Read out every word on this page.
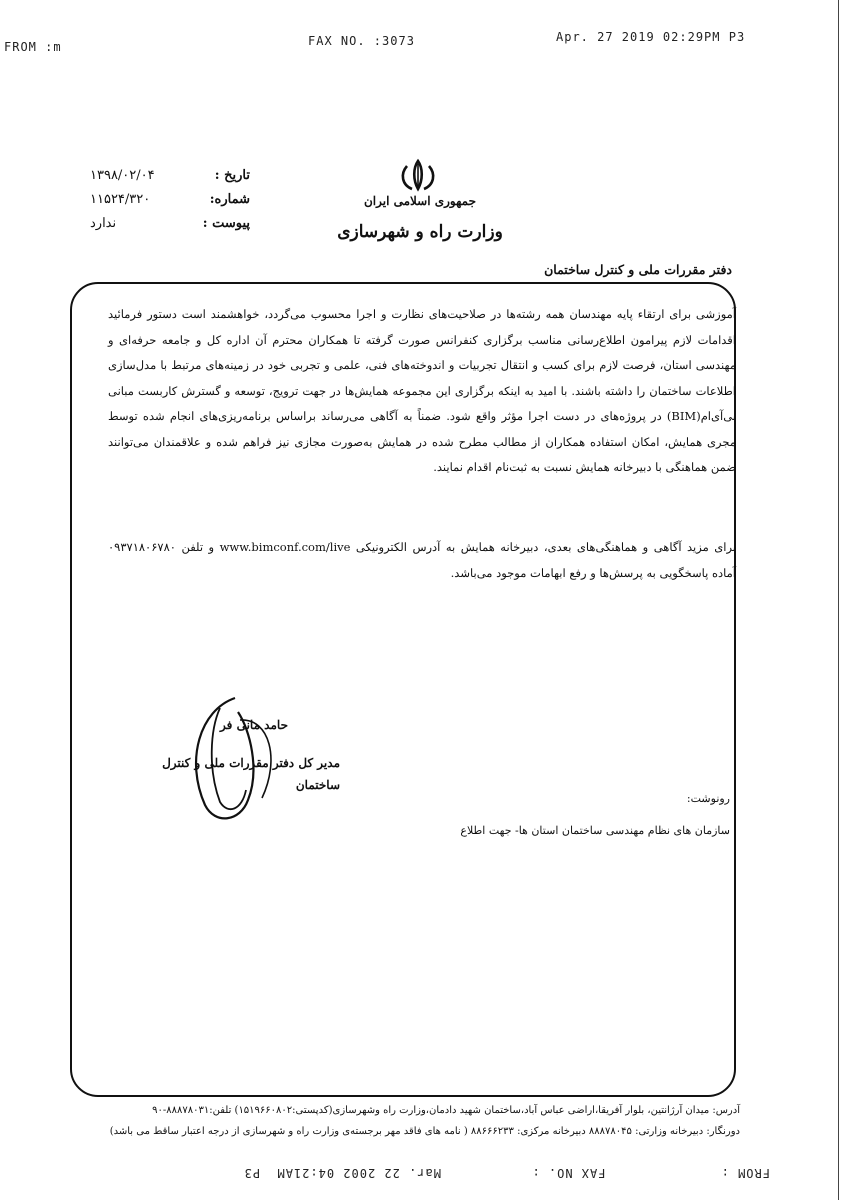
FROM :m	FAX NO. :3073	Apr. 27 2019 02:29PM P3
تاریخ :
۱۳۹۸/۰۲/۰۴
شماره:
۱۱۵۲۴/۳۲۰
پیوست :
ندارد
جمهوری اسلامی ایران
وزارت راه و شهرسازی
دفتر مقررات ملی و کنترل ساختمان
آموزشی برای ارتقاء پایه مهندسان همه رشته‌ها در صلاحیت‌های نظارت و اجرا محسوب می‌گردد، خواهشمند است دستور فرمائید اقدامات لازم پیرامون اطلاع‌رسانی مناسب برگزاری کنفرانس صورت گرفته تا همکاران محترم آن اداره کل و جامعه حرفه‌ای و مهندسی استان، فرصت لازم برای کسب و انتقال تجربیات و اندوخته‌های فنی، علمی و تجربی خود در زمینه‌های مرتبط با مدل‌سازی اطلاعات ساختمان را داشته باشند. با امید به اینکه برگزاری این مجموعه همایش‌ها در جهت ترویج، توسعه و گسترش کاربست مبانی بی‌آی‌ام(BIM) در پروژه‌های در دست اجرا مؤثر واقع شود. ضمناً به آگاهی می‌رساند براساس برنامه‌ریزی‌های انجام شده توسط مجری همایش، امکان استفاده همکاران از مطالب مطرح شده در همایش به‌صورت مجازی نیز فراهم شده و علاقمندان می‌توانند ضمن هماهنگی با دبیرخانه همایش نسبت به ثبت‌نام اقدام نمایند.
برای مزید آگاهی و هماهنگی‌های بعدی، دبیرخانه همایش به آدرس الکترونیکی www.bimconf.com/live و تلفن ۰۹۳۷۱۸۰۶۷۸۰ آماده پاسخگویی به پرسش‌ها و رفع ابهامات موجود می‌باشد.
حامد مانی فر
مدیر کل دفتر مقررات ملی و کنترل ساختمان
رونوشت:
سازمان های نظام مهندسی ساختمان استان ها- جهت اطلاع
آدرس: میدان آرژانتین، بلوار آفریقا،اراضی عباس آباد،ساختمان شهید دادمان،وزارت راه وشهرسازی(کدپستی:۱۵۱۹۶۶۰۸۰۲) تلفن:۸۸۸۷۸۰۳۱-۹۰
دورنگار: دبیرخانه وزارتی: ۸۸۸۷۸۰۴۵ دبیرخانه مرکزی: ۸۸۶۶۶۲۳۳ ( نامه های فاقد مهر برجسته‌ی وزارت راه و شهرسازی از درجه اعتبار ساقط می باشد)
FROM :              FAX NO. :           Mar. 22 2002 04:21AM  P3
